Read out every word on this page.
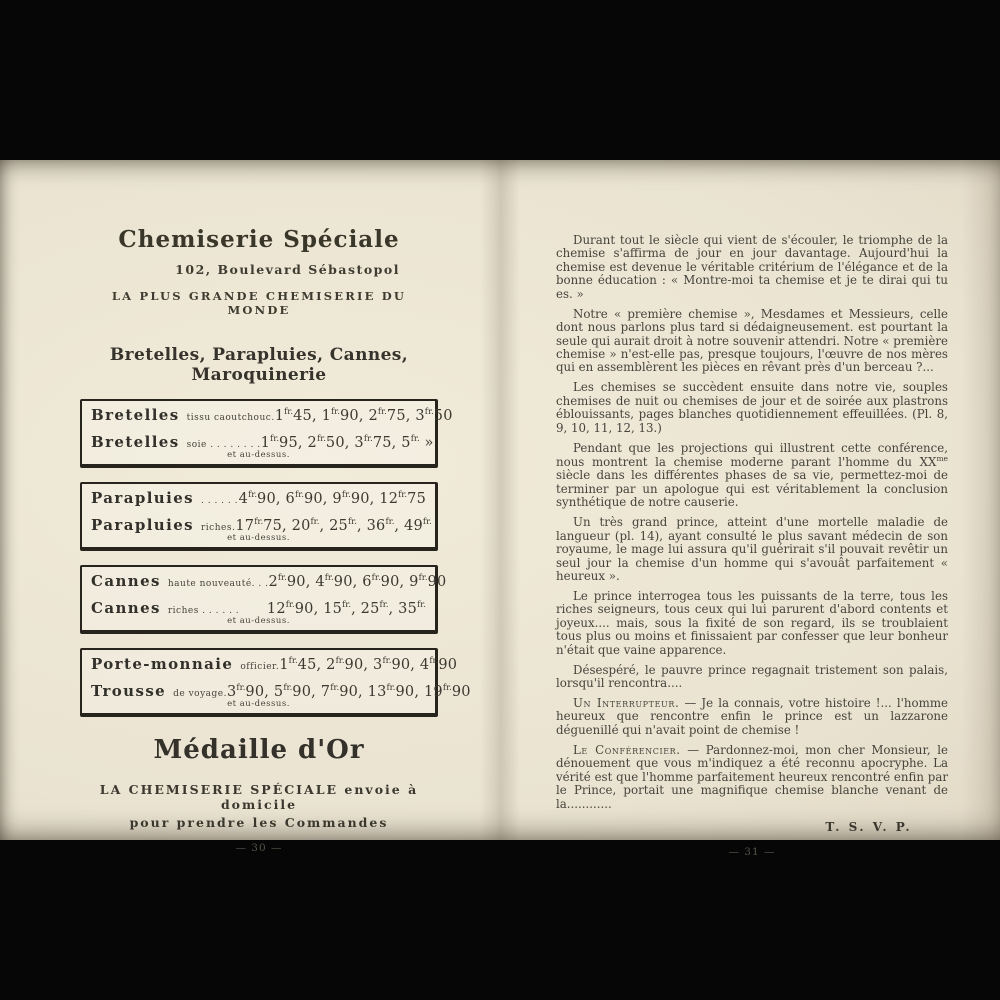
Chemiserie Spéciale
102, Boulevard Sébastopol
LA PLUS GRANDE CHEMISERIE DU MONDE
Bretelles, Parapluies, Cannes, Maroquinerie
Bretelles tissu caoutchouc. $1^{fr.}45$, $1^{fr.}90$, $2^{fr.}75$, $3^{fr.}50$
Bretelles soie . . . . . . . . $1^{fr.}95$, $2^{fr.}50$, $3^{fr.}75$, $5^{fr.}$ »
et au-dessus.
Parapluies . . . . . . $4^{fr.}90$, $6^{fr.}90$, $9^{fr.}90$, $12^{fr.}75$
Parapluies riches. $17^{fr.}75$, $20^{fr.}$, $25^{fr.}$, $36^{fr.}$, $49^{fr.}$
et au-dessus.
Cannes haute nouveauté. . . $2^{fr.}90$, $4^{fr.}90$, $6^{fr.}90$, $9^{fr.}90$
Cannes riches . . . . . . $12^{fr.}90$, $15^{fr.}$, $25^{fr.}$, $35^{fr.}$
et au-dessus.
Porte-monnaie officier. $1^{fr.}45$, $2^{fr.}90$, $3^{fr.}90$, $4^{fr.}90$
Trousse de voyage. $3^{fr.}90$, $5^{fr.}90$, $7^{fr.}90$, $13^{fr.}90$, $19^{fr.}90$
et au-dessus.
Médaille d'Or
LA CHEMISERIE SPÉCIALE envoie à domicile
pour prendre les Commandes
— 30 —

Durant tout le siècle qui vient de s'écouler, le triomphe de la chemise s'affirma de jour en jour davantage. Aujourd'hui la chemise est devenue le véritable critérium de l'élégance et de la bonne éducation : « Montre-moi ta chemise et je te dirai qui tu es. »

Notre « première chemise », Mesdames et Messieurs, celle dont nous parlons plus tard si dédaigneusement. est pourtant la seule qui aurait droit à notre souvenir attendri. Notre « première chemise » n'est-elle pas, presque toujours, l'œuvre de nos mères qui en assemblèrent les pièces en rêvant près d'un berceau ?...

Les chemises se succèdent ensuite dans notre vie, souples chemises de nuit ou chemises de jour et de soirée aux plastrons éblouissants, pages blanches quotidiennement effeuillées. (Pl. 8, 9, 10, 11, 12, 13.)

Pendant que les projections qui illustrent cette conférence, nous montrent la chemise moderne parant l'homme du $XX^{me}$ siècle dans les différentes phases de sa vie, permettez-moi de terminer par un apologue qui est véritablement la conclusion synthétique de notre causerie.

Un très grand prince, atteint d'une mortelle maladie de langueur (pl. 14), ayant consulté le plus savant médecin de son royaume, le mage lui assura qu'il guérirait s'il pouvait revêtir un seul jour la chemise d'un homme qui s'avouât parfaitement « heureux ».

Le prince interrogea tous les puissants de la terre, tous les riches seigneurs, tous ceux qui lui parurent d'abord contents et joyeux.... mais, sous la fixité de son regard, ils se troublaient tous plus ou moins et finissaient par confesser que leur bonheur n'était que vaine apparence.

Désespéré, le pauvre prince regagnait tristement son palais, lorsqu'il rencontra....

Un Interrupteur. — Je la connais, votre histoire !... l'homme heureux que rencontre enfin le prince est un lazzarone déguenillé qui n'avait point de chemise !

Le Conférencier. — Pardonnez-moi, mon cher Monsieur, le dénouement que vous m'indiquez a été reconnu apocryphe. La vérité est que l'homme parfaitement heureux rencontré enfin par le Prince, portait une magnifique chemise blanche venant de la............

T. S. V. P.
— 31 —
